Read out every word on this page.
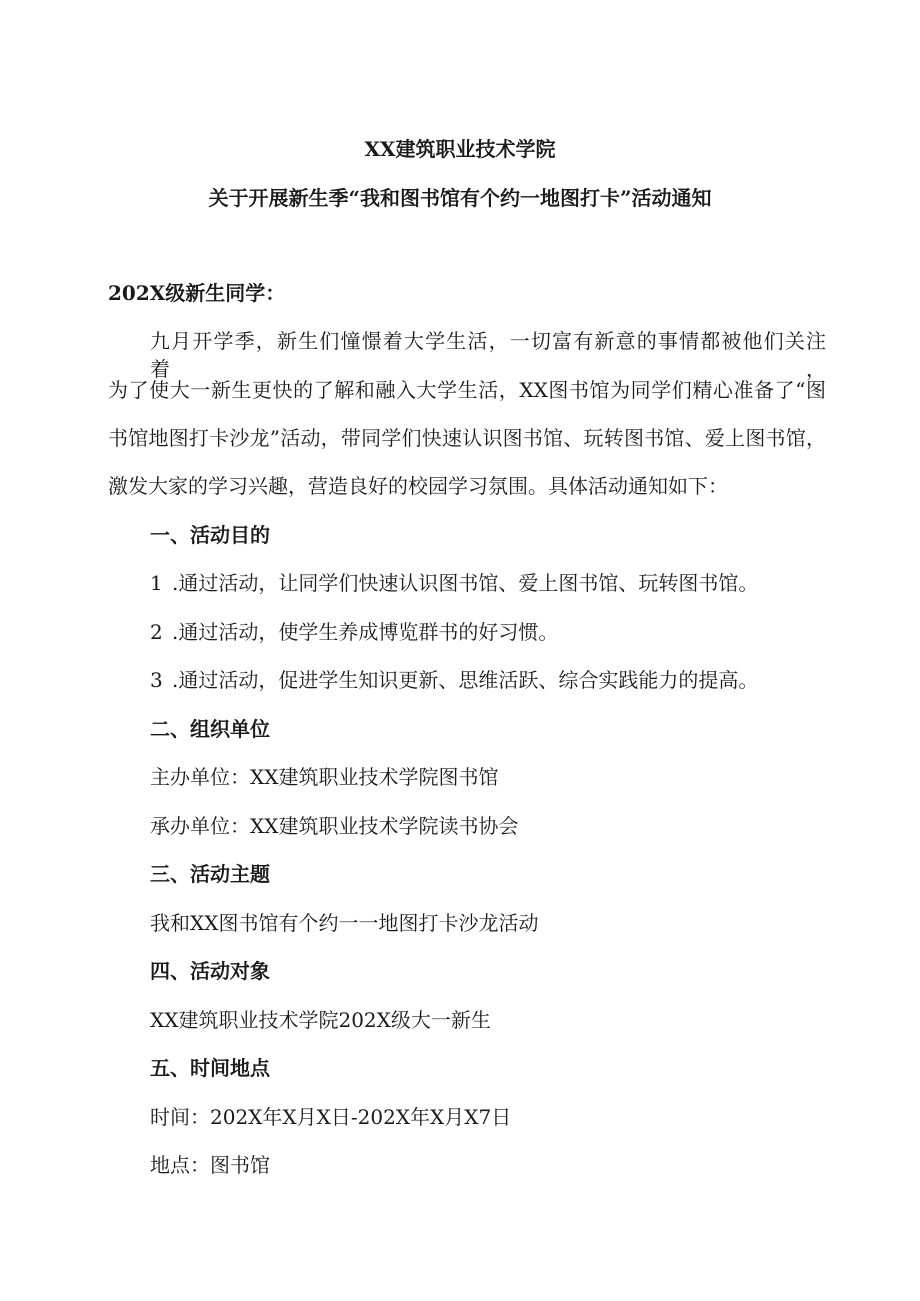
XX建筑职业技术学院
关于开展新生季“我和图书馆有个约一地图打卡”活动通知
202X级新生同学：
九月开学季，新生们憧憬着大学生活，一切富有新意的事情都被他们关注着，
为了使大一新生更快的了解和融入大学生活，XX图书馆为同学们精心准备了“图
书馆地图打卡沙龙”活动，带同学们快速认识图书馆、玩转图书馆、爱上图书馆，
激发大家的学习兴趣，营造良好的校园学习氛围。具体活动通知如下：
一、活动目的
1 .通过活动，让同学们快速认识图书馆、爱上图书馆、玩转图书馆。
2 .通过活动，使学生养成博览群书的好习惯。
3 .通过活动，促进学生知识更新、思维活跃、综合实践能力的提高。
二、组织单位
主办单位：XX建筑职业技术学院图书馆
承办单位：XX建筑职业技术学院读书协会
三、活动主题
我和XX图书馆有个约一一地图打卡沙龙活动
四、活动对象
XX建筑职业技术学院202X级大一新生
五、时间地点
时间：202X年X月X日-202X年X月X7日
地点：图书馆
